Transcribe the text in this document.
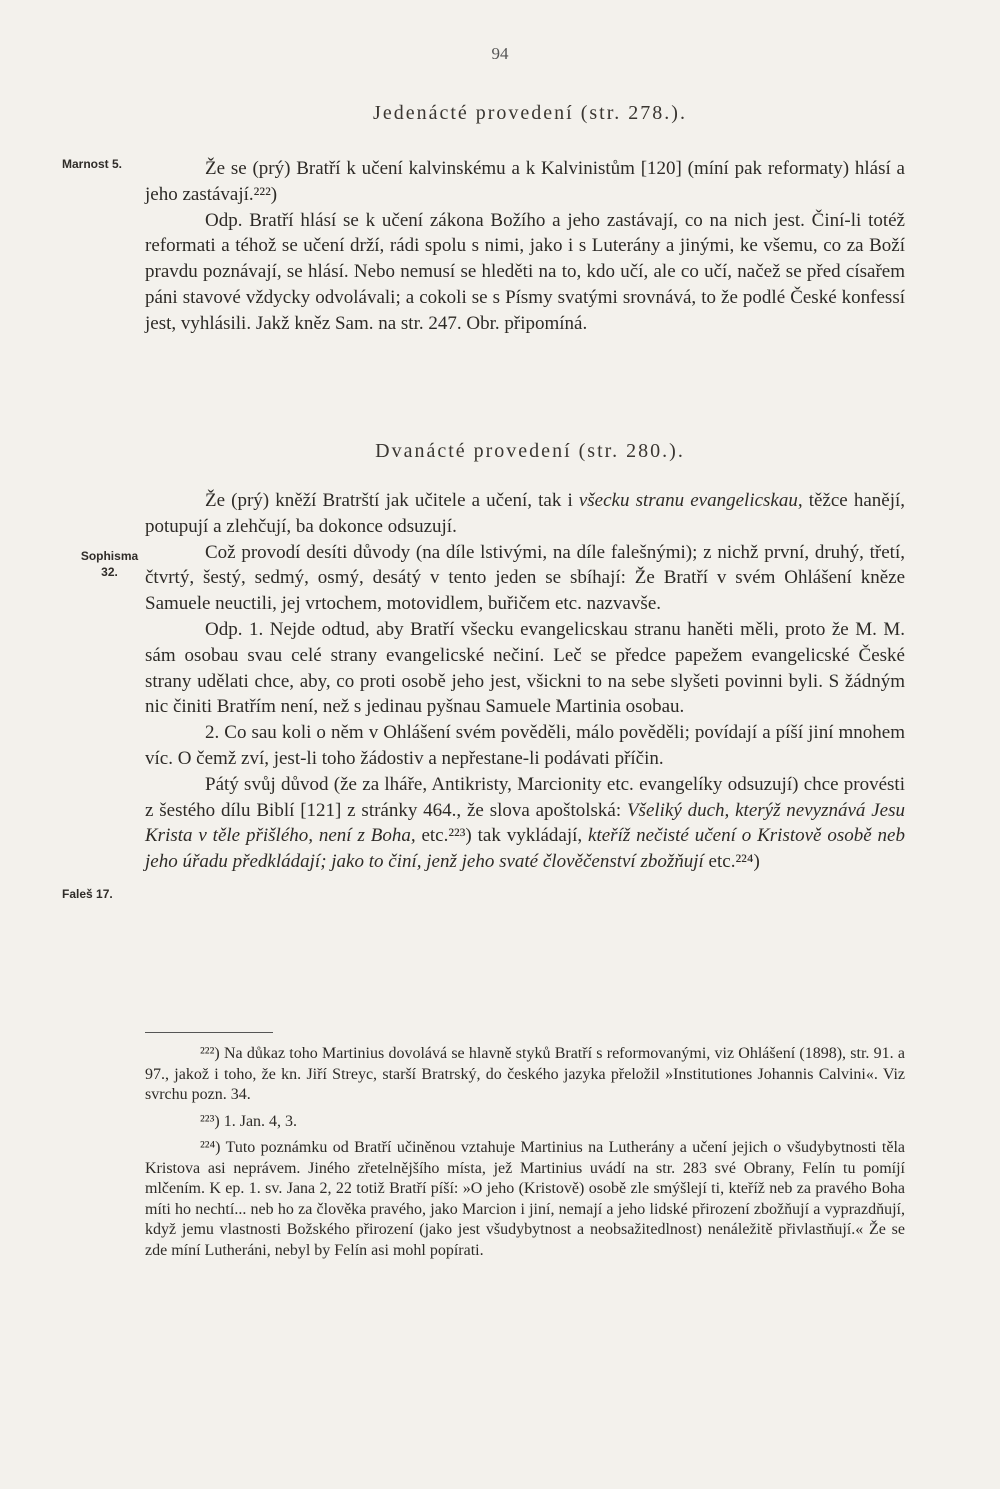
94
Jedenácté provedení (str. 278.).
Marnost 5.	Že se (prý) Bratří k učení kalvinskému a k Kalvinistům [120] (míní pak reformaty) hlásí a jeho zastávají.²²²)

Odp. Bratří hlásí se k učení zákona Božího a jeho zastávají, co na nich jest. Činí-li totéž reformati a téhož se učení drží, rádi spolu s nimi, jako i s Luterány a jinými, ke všemu, co za Boží pravdu poznávají, se hlásí. Nebo nemusí se hleděti na to, kdo učí, ale co učí, načež se před císařem páni stavové vždycky odvolávali; a cokoli se s Písmy svatými srovnává, to že podlé České konfessí jest, vyhlásili. Jakž kněz Sam. na str. 247. Obr. připomíná.

Dvanácté provedení (str. 280.).
Sophisma
32.
Faleš 17.

Že (prý) kněží Bratrští jak učitele a učení, tak i všecku stranu evangelicskau, těžce hanějí, potupují a zlehčují, ba dokonce odsuzují.

Což provodí desíti důvody (na díle lstivými, na díle falešnými); z nichž první, druhý, třetí, čtvrtý, šestý, sedmý, osmý, desátý v tento jeden se sbíhají: Že Bratří v svém Ohlášení kněze Samuele neuctili, jej vrtochem, motovidlem, buřičem etc. nazvavše.

Odp. 1. Nejde odtud, aby Bratří všecku evangelicskau stranu haněti měli, proto že M. M. sám osobau svau celé strany evangelicské nečiní. Leč se předce papežem evangelicské České strany udělati chce, aby, co proti osobě jeho jest, všickni to na sebe slyšeti povinni byli. S žádným nic činiti Bratřím není, než s jedinau pyšnau Samuele Martinia osobau.

2. Co sau koli o něm v Ohlášení svém pověděli, málo pověděli; povídají a píší jiní mnohem víc. O čemž zví, jest-li toho žádostiv a nepřestane-li podávati příčin.

Pátý svůj důvod (že za lháře, Antikristy, Marcionity etc. evangelíky odsuzují) chce provésti z šestého dílu Biblí [121] z stránky 464., že slova apoštolská: Všeliký duch, kterýž nevyznává Jesu Krista v těle přišlého, není z Boha, etc.²²³) tak vykládají, kteříž nečisté učení o Kristově osobě neb jeho úřadu předkládají; jako to činí, jenž jeho svaté člověčenství zbožňují etc.²²⁴)

²²²) Na důkaz toho Martinius dovolává se hlavně styků Bratří s reformovanými, viz Ohlášení (1898), str. 91. a 97., jakož i toho, že kn. Jiří Streyc, starší Bratrský, do českého jazyka přeložil »Institutiones Johannis Calvini«. Viz svrchu pozn. 34.

²²³) 1. Jan. 4, 3.

²²⁴) Tuto poznámku od Bratří učiněnou vztahuje Martinius na Lutherány a učení jejich o všudybytnosti těla Kristova asi neprávem. Jiného zřetelnějšího místa, jež Martinius uvádí na str. 283 své Obrany, Felín tu pomíjí mlčením. K ep. 1. sv. Jana 2, 22 totiž Bratří píší: »O jeho (Kristově) osobě zle smýšlejí ti, kteříž neb za pravého Boha míti ho nechtí... neb ho za člověka pravého, jako Marcion i jiní, nemají a jeho lidské přirození zbožňují a vyprazdňují, když jemu vlastnosti Božského přirození (jako jest všudybytnost a neobsažitedlnost) nenáležitě přivlastňují.« Že se zde míní Lutheráni, nebyl by Felín asi mohl popírati.
